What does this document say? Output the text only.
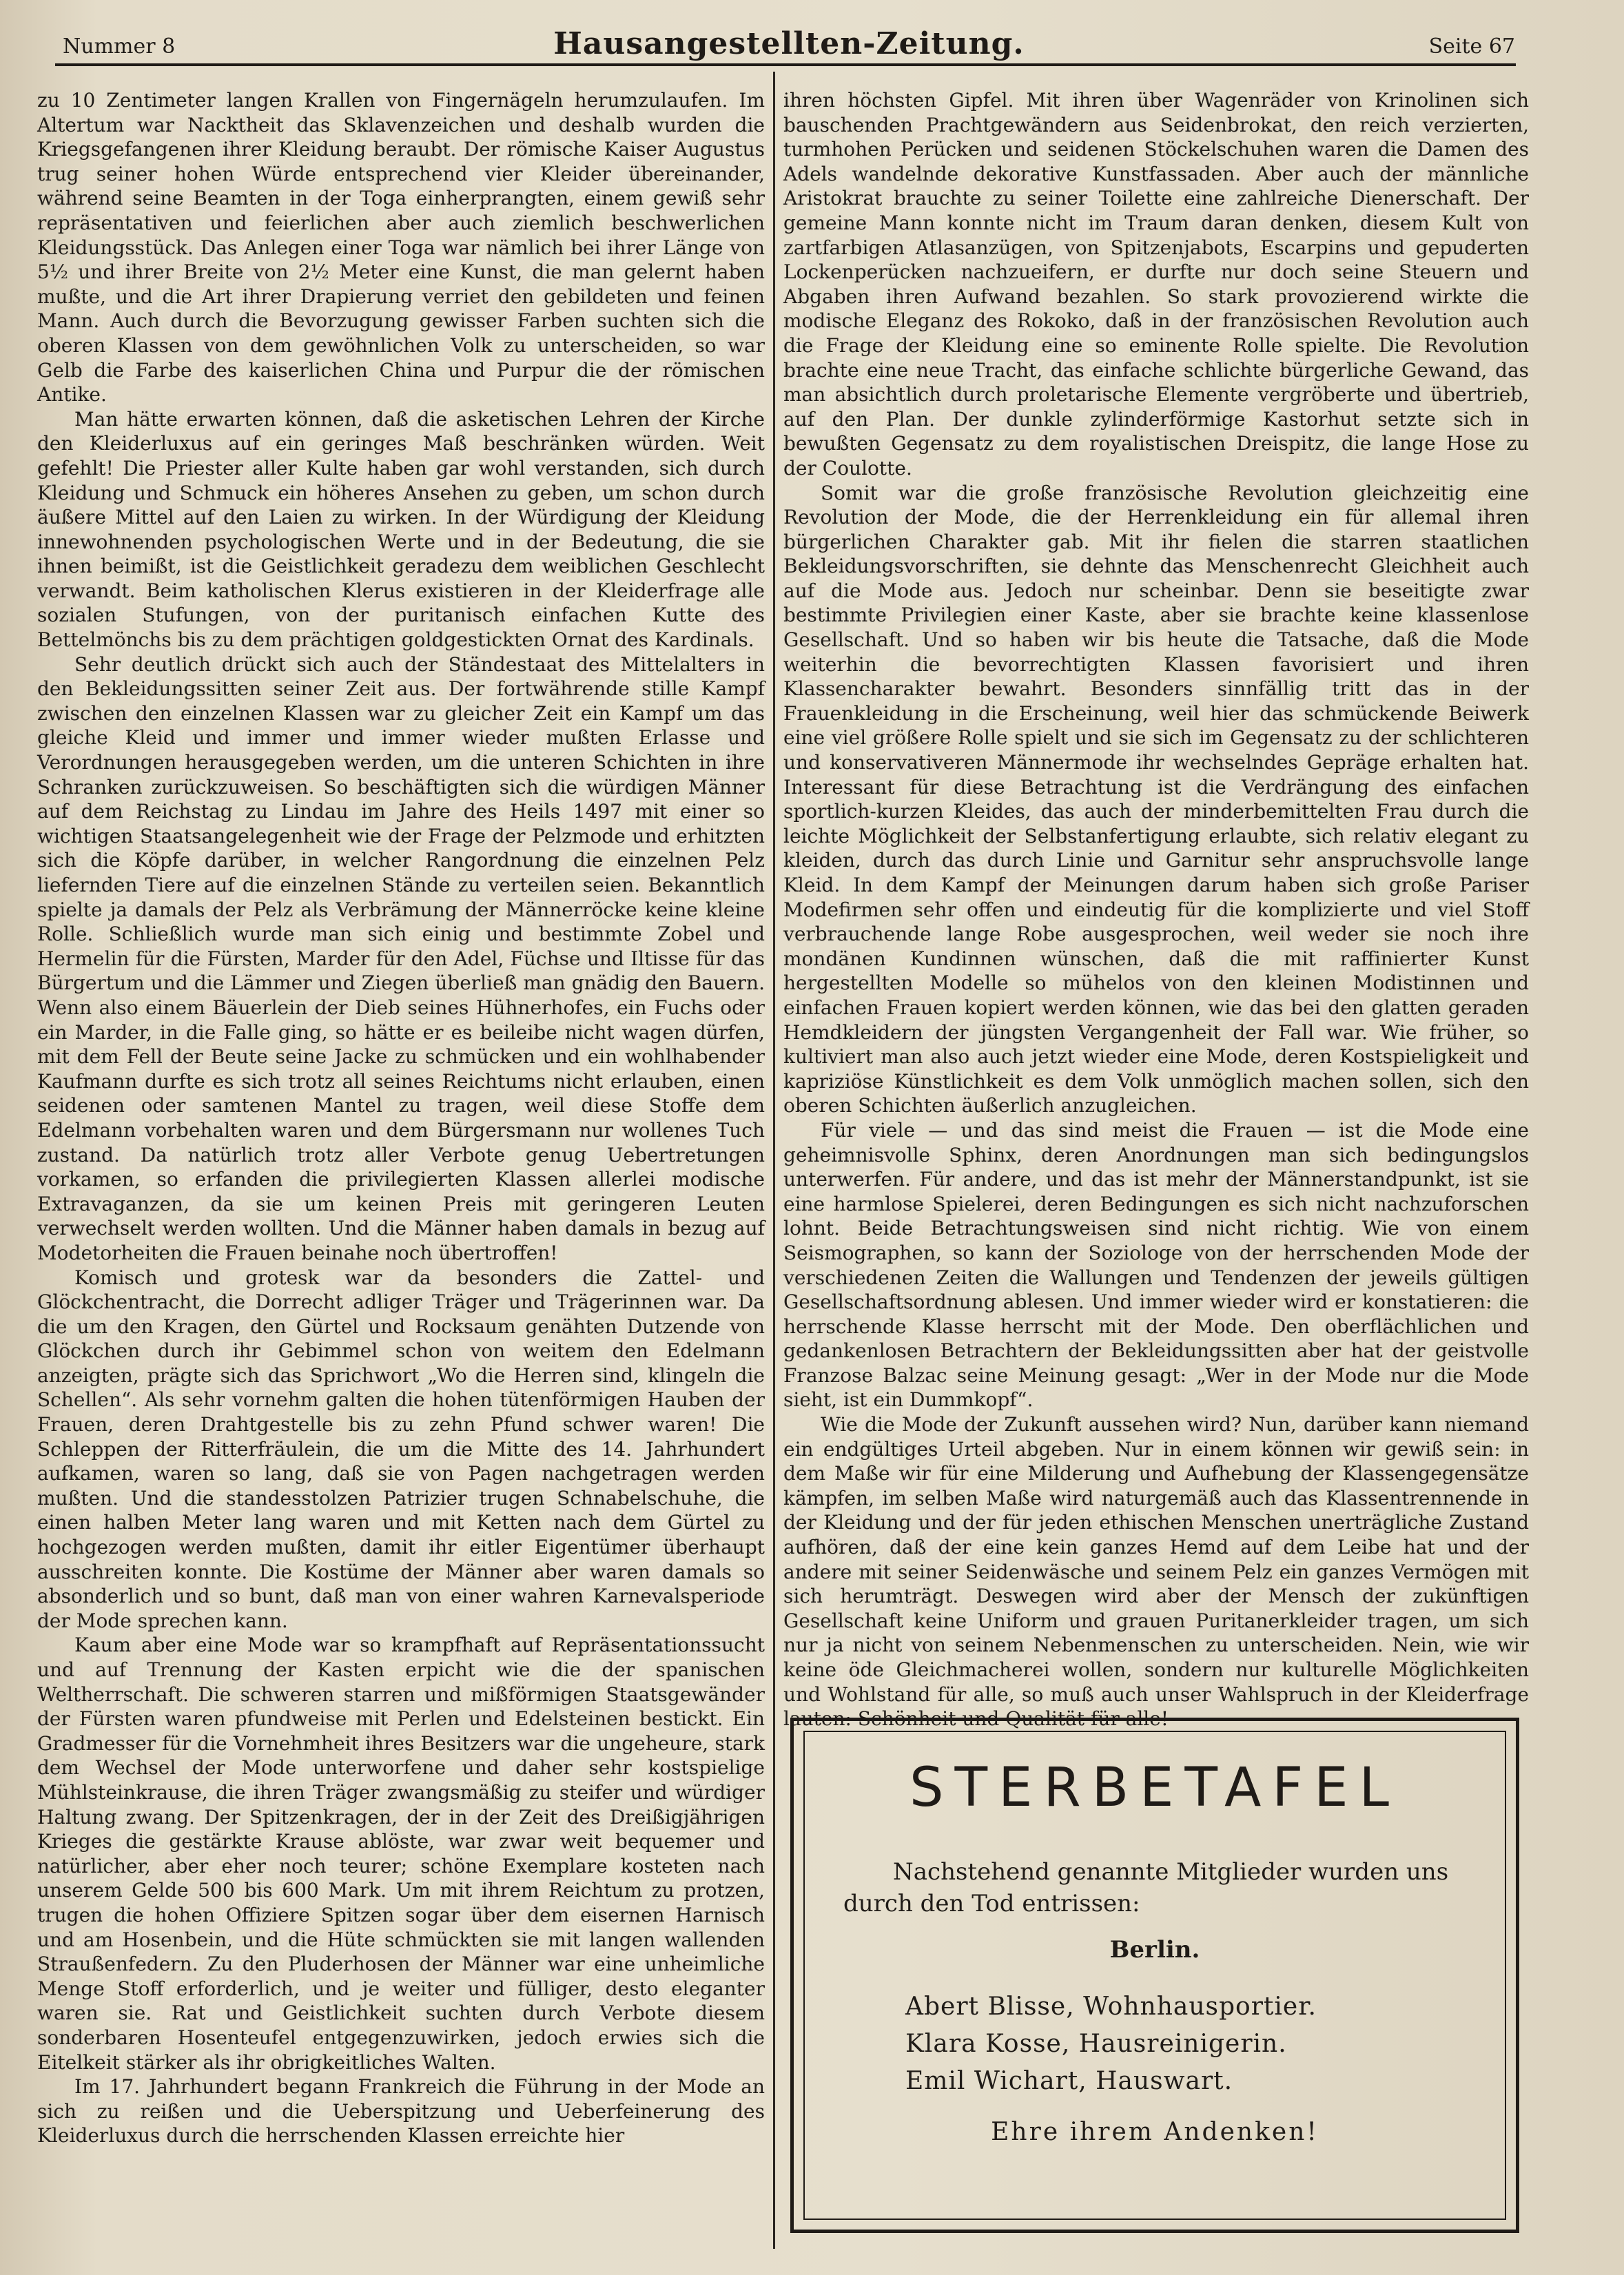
Nummer 8	Hausangestellten-Zeitung.	Seite 67

zu 10 Zentimeter langen Krallen von Fingernägeln herumzulaufen. Im Altertum war Nacktheit das Sklavenzeichen und deshalb wurden die Kriegsgefangenen ihrer Kleidung beraubt. Der römische Kaiser Augustus trug seiner hohen Würde entsprechend vier Kleider übereinander, während seine Beamten in der Toga einherprangten, einem gewiß sehr repräsentativen und feierlichen aber auch ziemlich beschwerlichen Kleidungsstück. Das Anlegen einer Toga war nämlich bei ihrer Länge von 5½ und ihrer Breite von 2½ Meter eine Kunst, die man gelernt haben mußte, und die Art ihrer Drapierung verriet den gebildeten und feinen Mann. Auch durch die Bevorzugung gewisser Farben suchten sich die oberen Klassen von dem gewöhnlichen Volk zu unterscheiden, so war Gelb die Farbe des kaiserlichen China und Purpur die der römischen Antike.

Man hätte erwarten können, daß die asketischen Lehren der Kirche den Kleiderluxus auf ein geringes Maß beschränken würden. Weit gefehlt! Die Priester aller Kulte haben gar wohl verstanden, sich durch Kleidung und Schmuck ein höheres Ansehen zu geben, um schon durch äußere Mittel auf den Laien zu wirken. In der Würdigung der Kleidung innewohnenden psychologischen Werte und in der Bedeutung, die sie ihnen beimißt, ist die Geistlichkeit geradezu dem weiblichen Geschlecht verwandt. Beim katholischen Klerus existieren in der Kleiderfrage alle sozialen Stufungen, von der puritanisch einfachen Kutte des Bettelmönchs bis zu dem prächtigen goldgestickten Ornat des Kardinals.

Sehr deutlich drückt sich auch der Ständestaat des Mittelalters in den Bekleidungssitten seiner Zeit aus. Der fortwährende stille Kampf zwischen den einzelnen Klassen war zu gleicher Zeit ein Kampf um das gleiche Kleid und immer und immer wieder mußten Erlasse und Verordnungen herausgegeben werden, um die unteren Schichten in ihre Schranken zurückzuweisen. So beschäftigten sich die würdigen Männer auf dem Reichstag zu Lindau im Jahre des Heils 1497 mit einer so wichtigen Staatsangelegenheit wie der Frage der Pelzmode und erhitzten sich die Köpfe darüber, in welcher Rangordnung die einzelnen Pelz liefernden Tiere auf die einzelnen Stände zu verteilen seien. Bekanntlich spielte ja damals der Pelz als Verbrämung der Männerröcke keine kleine Rolle. Schließlich wurde man sich einig und bestimmte Zobel und Hermelin für die Fürsten, Marder für den Adel, Füchse und Iltisse für das Bürgertum und die Lämmer und Ziegen überließ man gnädig den Bauern. Wenn also einem Bäuerlein der Dieb seines Hühnerhofes, ein Fuchs oder ein Marder, in die Falle ging, so hätte er es beileibe nicht wagen dürfen, mit dem Fell der Beute seine Jacke zu schmücken und ein wohlhabender Kaufmann durfte es sich trotz all seines Reichtums nicht erlauben, einen seidenen oder samtenen Mantel zu tragen, weil diese Stoffe dem Edelmann vorbehalten waren und dem Bürgersmann nur wollenes Tuch zustand. Da natürlich trotz aller Verbote genug Uebertretungen vorkamen, so erfanden die privilegierten Klassen allerlei modische Extravaganzen, da sie um keinen Preis mit geringeren Leuten verwechselt werden wollten. Und die Männer haben damals in bezug auf Modetorheiten die Frauen beinahe noch übertroffen!

Komisch und grotesk war da besonders die Zattel- und Glöckchentracht, die Dorrecht adliger Träger und Trägerinnen war. Da die um den Kragen, den Gürtel und Rocksaum genähten Dutzende von Glöckchen durch ihr Gebimmel schon von weitem den Edelmann anzeigten, prägte sich das Sprichwort „Wo die Herren sind, klingeln die Schellen“. Als sehr vornehm galten die hohen tütenförmigen Hauben der Frauen, deren Drahtgestelle bis zu zehn Pfund schwer waren! Die Schleppen der Ritterfräulein, die um die Mitte des 14. Jahrhundert aufkamen, waren so lang, daß sie von Pagen nachgetragen werden mußten. Und die standesstolzen Patrizier trugen Schnabelschuhe, die einen halben Meter lang waren und mit Ketten nach dem Gürtel zu hochgezogen werden mußten, damit ihr eitler Eigentümer überhaupt ausschreiten konnte. Die Kostüme der Männer aber waren damals so absonderlich und so bunt, daß man von einer wahren Karnevalsperiode der Mode sprechen kann.

Kaum aber eine Mode war so krampfhaft auf Repräsentationssucht und auf Trennung der Kasten erpicht wie die der spanischen Weltherrschaft. Die schweren starren und mißförmigen Staatsgewänder der Fürsten waren pfundweise mit Perlen und Edelsteinen bestickt. Ein Gradmesser für die Vornehmheit ihres Besitzers war die ungeheure, stark dem Wechsel der Mode unterworfene und daher sehr kostspielige Mühlsteinkrause, die ihren Träger zwangsmäßig zu steifer und würdiger Haltung zwang. Der Spitzenkragen, der in der Zeit des Dreißigjährigen Krieges die gestärkte Krause ablöste, war zwar weit bequemer und natürlicher, aber eher noch teurer; schöne Exemplare kosteten nach unserem Gelde 500 bis 600 Mark. Um mit ihrem Reichtum zu protzen, trugen die hohen Offiziere Spitzen sogar über dem eisernen Harnisch und am Hosenbein, und die Hüte schmückten sie mit langen wallenden Straußenfedern. Zu den Pluderhosen der Männer war eine unheimliche Menge Stoff erforderlich, und je weiter und fülliger, desto eleganter waren sie. Rat und Geistlichkeit suchten durch Verbote diesem sonderbaren Hosenteufel entgegenzuwirken, jedoch erwies sich die Eitelkeit stärker als ihr obrigkeitliches Walten.

Im 17. Jahrhundert begann Frankreich die Führung in der Mode an sich zu reißen und die Ueberspitzung und Ueberfeinerung des Kleiderluxus durch die herrschenden Klassen erreichte hier

ihren höchsten Gipfel. Mit ihren über Wagenräder von Krinolinen sich bauschenden Prachtgewändern aus Seidenbrokat, den reich verzierten, turmhohen Perücken und seidenen Stöckelschuhen waren die Damen des Adels wandelnde dekorative Kunstfassaden. Aber auch der männliche Aristokrat brauchte zu seiner Toilette eine zahlreiche Dienerschaft. Der gemeine Mann konnte nicht im Traum daran denken, diesem Kult von zartfarbigen Atlasanzügen, von Spitzenjabots, Escarpins und gepuderten Lockenperücken nachzueifern, er durfte nur doch seine Steuern und Abgaben ihren Aufwand bezahlen. So stark provozierend wirkte die modische Eleganz des Rokoko, daß in der französischen Revolution auch die Frage der Kleidung eine so eminente Rolle spielte. Die Revolution brachte eine neue Tracht, das einfache schlichte bürgerliche Gewand, das man absichtlich durch proletarische Elemente vergröberte und übertrieb, auf den Plan. Der dunkle zylinderförmige Kastorhut setzte sich in bewußten Gegensatz zu dem royalistischen Dreispitz, die lange Hose zu der Coulotte.

Somit war die große französische Revolution gleichzeitig eine Revolution der Mode, die der Herrenkleidung ein für allemal ihren bürgerlichen Charakter gab. Mit ihr fielen die starren staatlichen Bekleidungsvorschriften, sie dehnte das Menschenrecht Gleichheit auch auf die Mode aus. Jedoch nur scheinbar. Denn sie beseitigte zwar bestimmte Privilegien einer Kaste, aber sie brachte keine klassenlose Gesellschaft. Und so haben wir bis heute die Tatsache, daß die Mode weiterhin die bevorrechtigten Klassen favorisiert und ihren Klassencharakter bewahrt. Besonders sinnfällig tritt das in der Frauenkleidung in die Erscheinung, weil hier das schmückende Beiwerk eine viel größere Rolle spielt und sie sich im Gegensatz zu der schlichteren und konservativeren Männermode ihr wechselndes Gepräge erhalten hat. Interessant für diese Betrachtung ist die Verdrängung des einfachen sportlich-kurzen Kleides, das auch der minderbemittelten Frau durch die leichte Möglichkeit der Selbstanfertigung erlaubte, sich relativ elegant zu kleiden, durch das durch Linie und Garnitur sehr anspruchsvolle lange Kleid. In dem Kampf der Meinungen darum haben sich große Pariser Modefirmen sehr offen und eindeutig für die komplizierte und viel Stoff verbrauchende lange Robe ausgesprochen, weil weder sie noch ihre mondänen Kundinnen wünschen, daß die mit raffinierter Kunst hergestellten Modelle so mühelos von den kleinen Modistinnen und einfachen Frauen kopiert werden können, wie das bei den glatten geraden Hemdkleidern der jüngsten Vergangenheit der Fall war. Wie früher, so kultiviert man also auch jetzt wieder eine Mode, deren Kostspieligkeit und kapriziöse Künstlichkeit es dem Volk unmöglich machen sollen, sich den oberen Schichten äußerlich anzugleichen.

Für viele — und das sind meist die Frauen — ist die Mode eine geheimnisvolle Sphinx, deren Anordnungen man sich bedingungslos unterwerfen. Für andere, und das ist mehr der Männerstandpunkt, ist sie eine harmlose Spielerei, deren Bedingungen es sich nicht nachzuforschen lohnt. Beide Betrachtungsweisen sind nicht richtig. Wie von einem Seismographen, so kann der Soziologe von der herrschenden Mode der verschiedenen Zeiten die Wallungen und Tendenzen der jeweils gültigen Gesellschaftsordnung ablesen. Und immer wieder wird er konstatieren: die herrschende Klasse herrscht mit der Mode. Den oberflächlichen und gedankenlosen Betrachtern der Bekleidungssitten aber hat der geistvolle Franzose Balzac seine Meinung gesagt: „Wer in der Mode nur die Mode sieht, ist ein Dummkopf“.

Wie die Mode der Zukunft aussehen wird? Nun, darüber kann niemand ein endgültiges Urteil abgeben. Nur in einem können wir gewiß sein: in dem Maße wir für eine Milderung und Aufhebung der Klassengegensätze kämpfen, im selben Maße wird naturgemäß auch das Klassentrennende in der Kleidung und der für jeden ethischen Menschen unerträgliche Zustand aufhören, daß der eine kein ganzes Hemd auf dem Leibe hat und der andere mit seiner Seidenwäsche und seinem Pelz ein ganzes Vermögen mit sich herumträgt. Deswegen wird aber der Mensch der zukünftigen Gesellschaft keine Uniform und grauen Puritanerkleider tragen, um sich nur ja nicht von seinem Nebenmenschen zu unterscheiden. Nein, wie wir keine öde Gleichmacherei wollen, sondern nur kulturelle Möglichkeiten und Wohlstand für alle, so muß auch unser Wahlspruch in der Kleiderfrage lauten: Schönheit und Qualität für alle!

STERBETAFEL
Nachstehend genannte Mitglieder wurden uns durch den Tod entrissen:
Berlin.
Abert Blisse, Wohnhausportier.
Klara Kosse, Hausreinigerin.
Emil Wichart, Hauswart.
Ehre ihrem Andenken!
